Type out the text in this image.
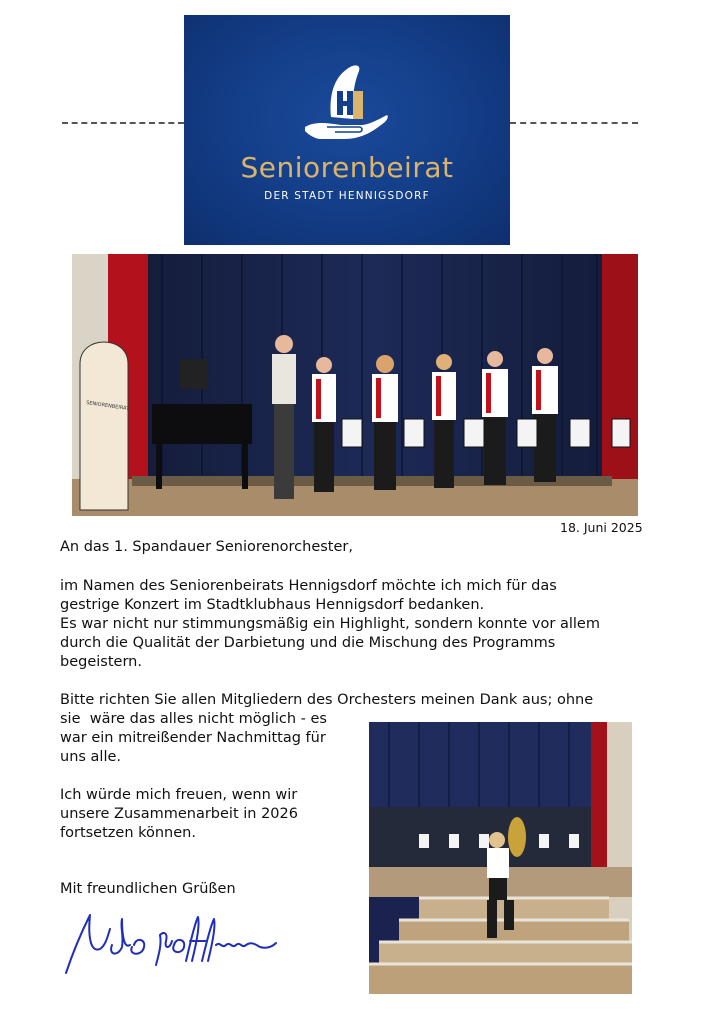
Seniorenbeirat
DER STADT HENNIGSDORF
SENIORENBEIRAT
18. Juni 2025
An das 1. Spandauer Seniorenorchester,
im Namen des Seniorenbeirats Hennigsdorf möchte ich mich für das
gestrige Konzert im Stadtklubhaus Hennigsdorf bedanken.
Es war nicht nur stimmungsmäßig ein Highlight, sondern konnte vor allem
durch die Qualität der Darbietung und die Mischung des Programms
begeistern.
Bitte richten Sie allen Mitgliedern des Orchesters meinen Dank aus; ohne
sie  wäre das alles nicht möglich - es
war ein mitreißender Nachmittag für
uns alle.
Ich würde mich freuen, wenn wir
unsere Zusammenarbeit in 2026
fortsetzen können.
Mit freundlichen Grüßen
